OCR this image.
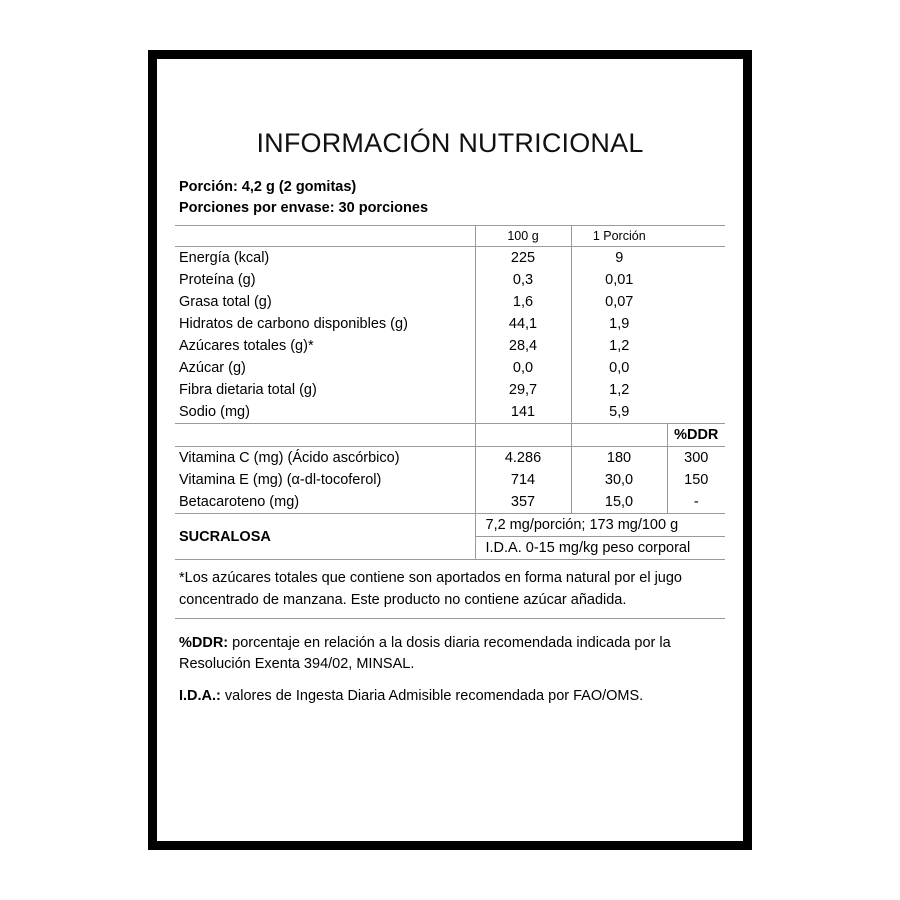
INFORMACIÓN NUTRICIONAL
Porción: 4,2 g (2 gomitas)
Porciones por envase: 30 porciones
	100 g	1 Porción	
Energía (kcal)	225	9	
Proteína (g)	0,3	0,01	
Grasa total (g)	1,6	0,07	
Hidratos de carbono disponibles (g)	44,1	1,9	
Azúcares totales (g)*	28,4	1,2	
Azúcar (g)	0,0	0,0	
Fibra dietaria total (g)	29,7	1,2	
Sodio (mg)	141	5,9	
			%DDR
Vitamina C (mg) (Ácido ascórbico)	4.286	180	300
Vitamina E (mg) (α-dl-tocoferol)	714	30,0	150
Betacaroteno (mg)	357	15,0	-
SUCRALOSA	7,2 mg/porción; 173 mg/100 g		
	I.D.A. 0-15 mg/kg peso corporal		

*Los azúcares totales que contiene son aportados en forma natural por el jugo concentrado de manzana. Este producto no contiene azúcar añadida.

%DDR: porcentaje en relación a la dosis diaria recomendada indicada por la Resolución Exenta 394/02, MINSAL.

I.D.A.: valores de Ingesta Diaria Admisible recomendada por FAO/OMS.
